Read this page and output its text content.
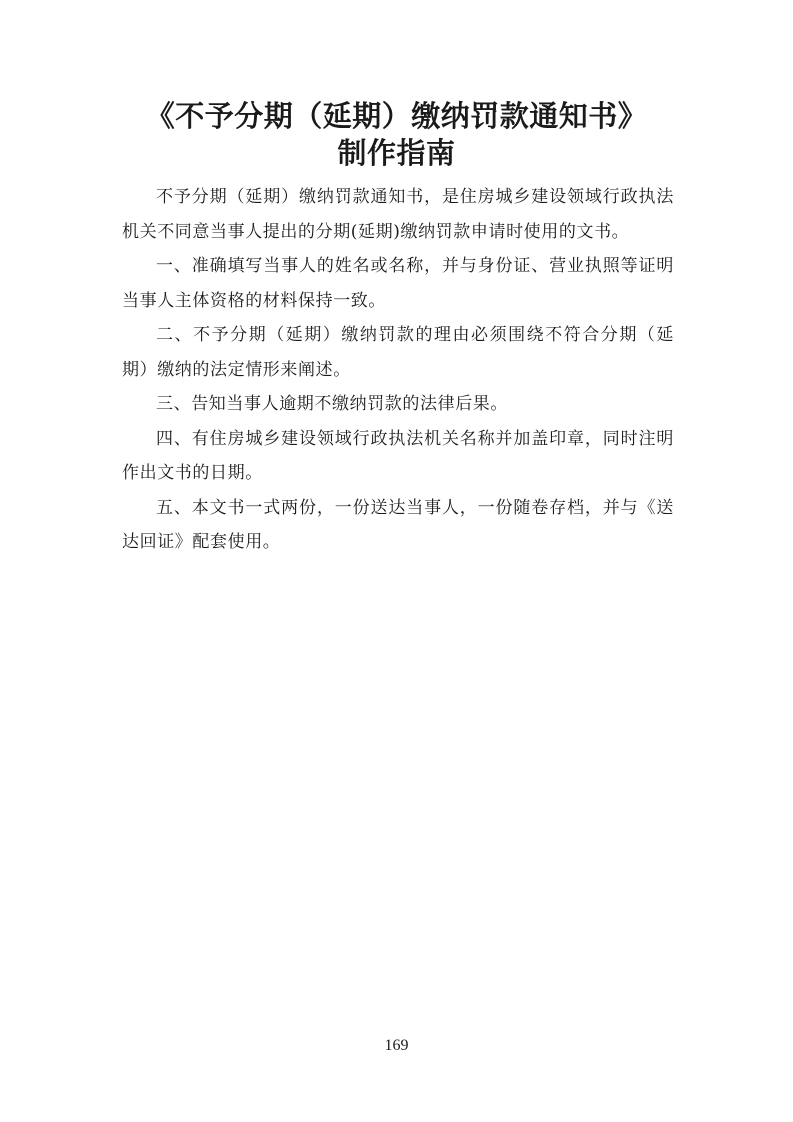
《不予分期（延期）缴纳罚款通知书》
制作指南

不予分期（延期）缴纳罚款通知书，是住房城乡建设领域行政执法机关不同意当事人提出的分期(延期)缴纳罚款申请时使用的文书。

一、准确填写当事人的姓名或名称，并与身份证、营业执照等证明当事人主体资格的材料保持一致。

二、不予分期（延期）缴纳罚款的理由必须围绕不符合分期（延期）缴纳的法定情形来阐述。

三、告知当事人逾期不缴纳罚款的法律后果。

四、有住房城乡建设领域行政执法机关名称并加盖印章，同时注明作出文书的日期。

五、本文书一式两份，一份送达当事人，一份随卷存档，并与《送达回证》配套使用。

169
